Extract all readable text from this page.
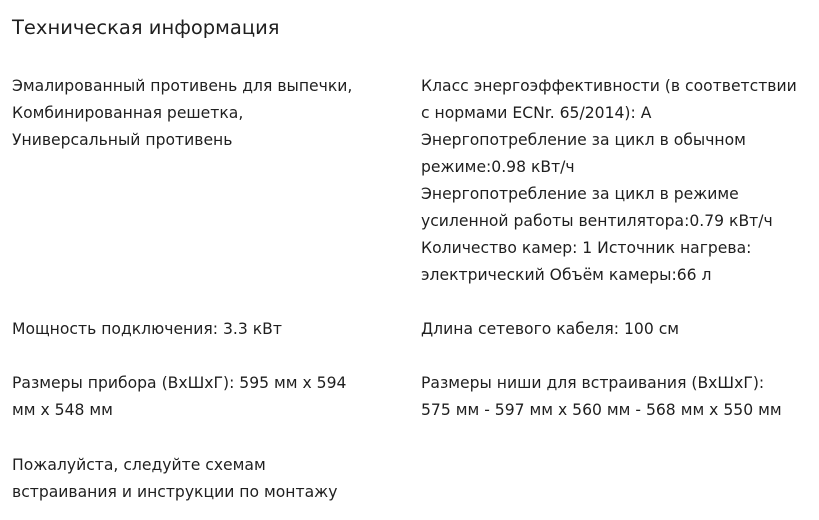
Техническая информация
Эмалированный противень для выпечки,
Комбинированная решетка,
Универсальный противень
Класс энергоэффективности (в соответствии
с нормами ECNr. 65/2014): A
Энергопотребление за цикл в обычном
режиме:0.98 кВт/ч
Энергопотребление за цикл в режиме
усиленной работы вентилятора:0.79 кВт/ч
Количество камер: 1 Источник нагрева:
электрический Объём камеры:66 л
Мощность подключения: 3.3 кВт	Длина сетевого кабеля: 100 см
Размеры прибора (ВхШхГ): 595 мм x 594
мм x 548 мм
Размеры ниши для встраивания (ВхШхГ):
575 мм - 597 мм x 560 мм - 568 мм x 550 мм
Пожалуйста, следуйте схемам
встраивания и инструкции по монтажу
